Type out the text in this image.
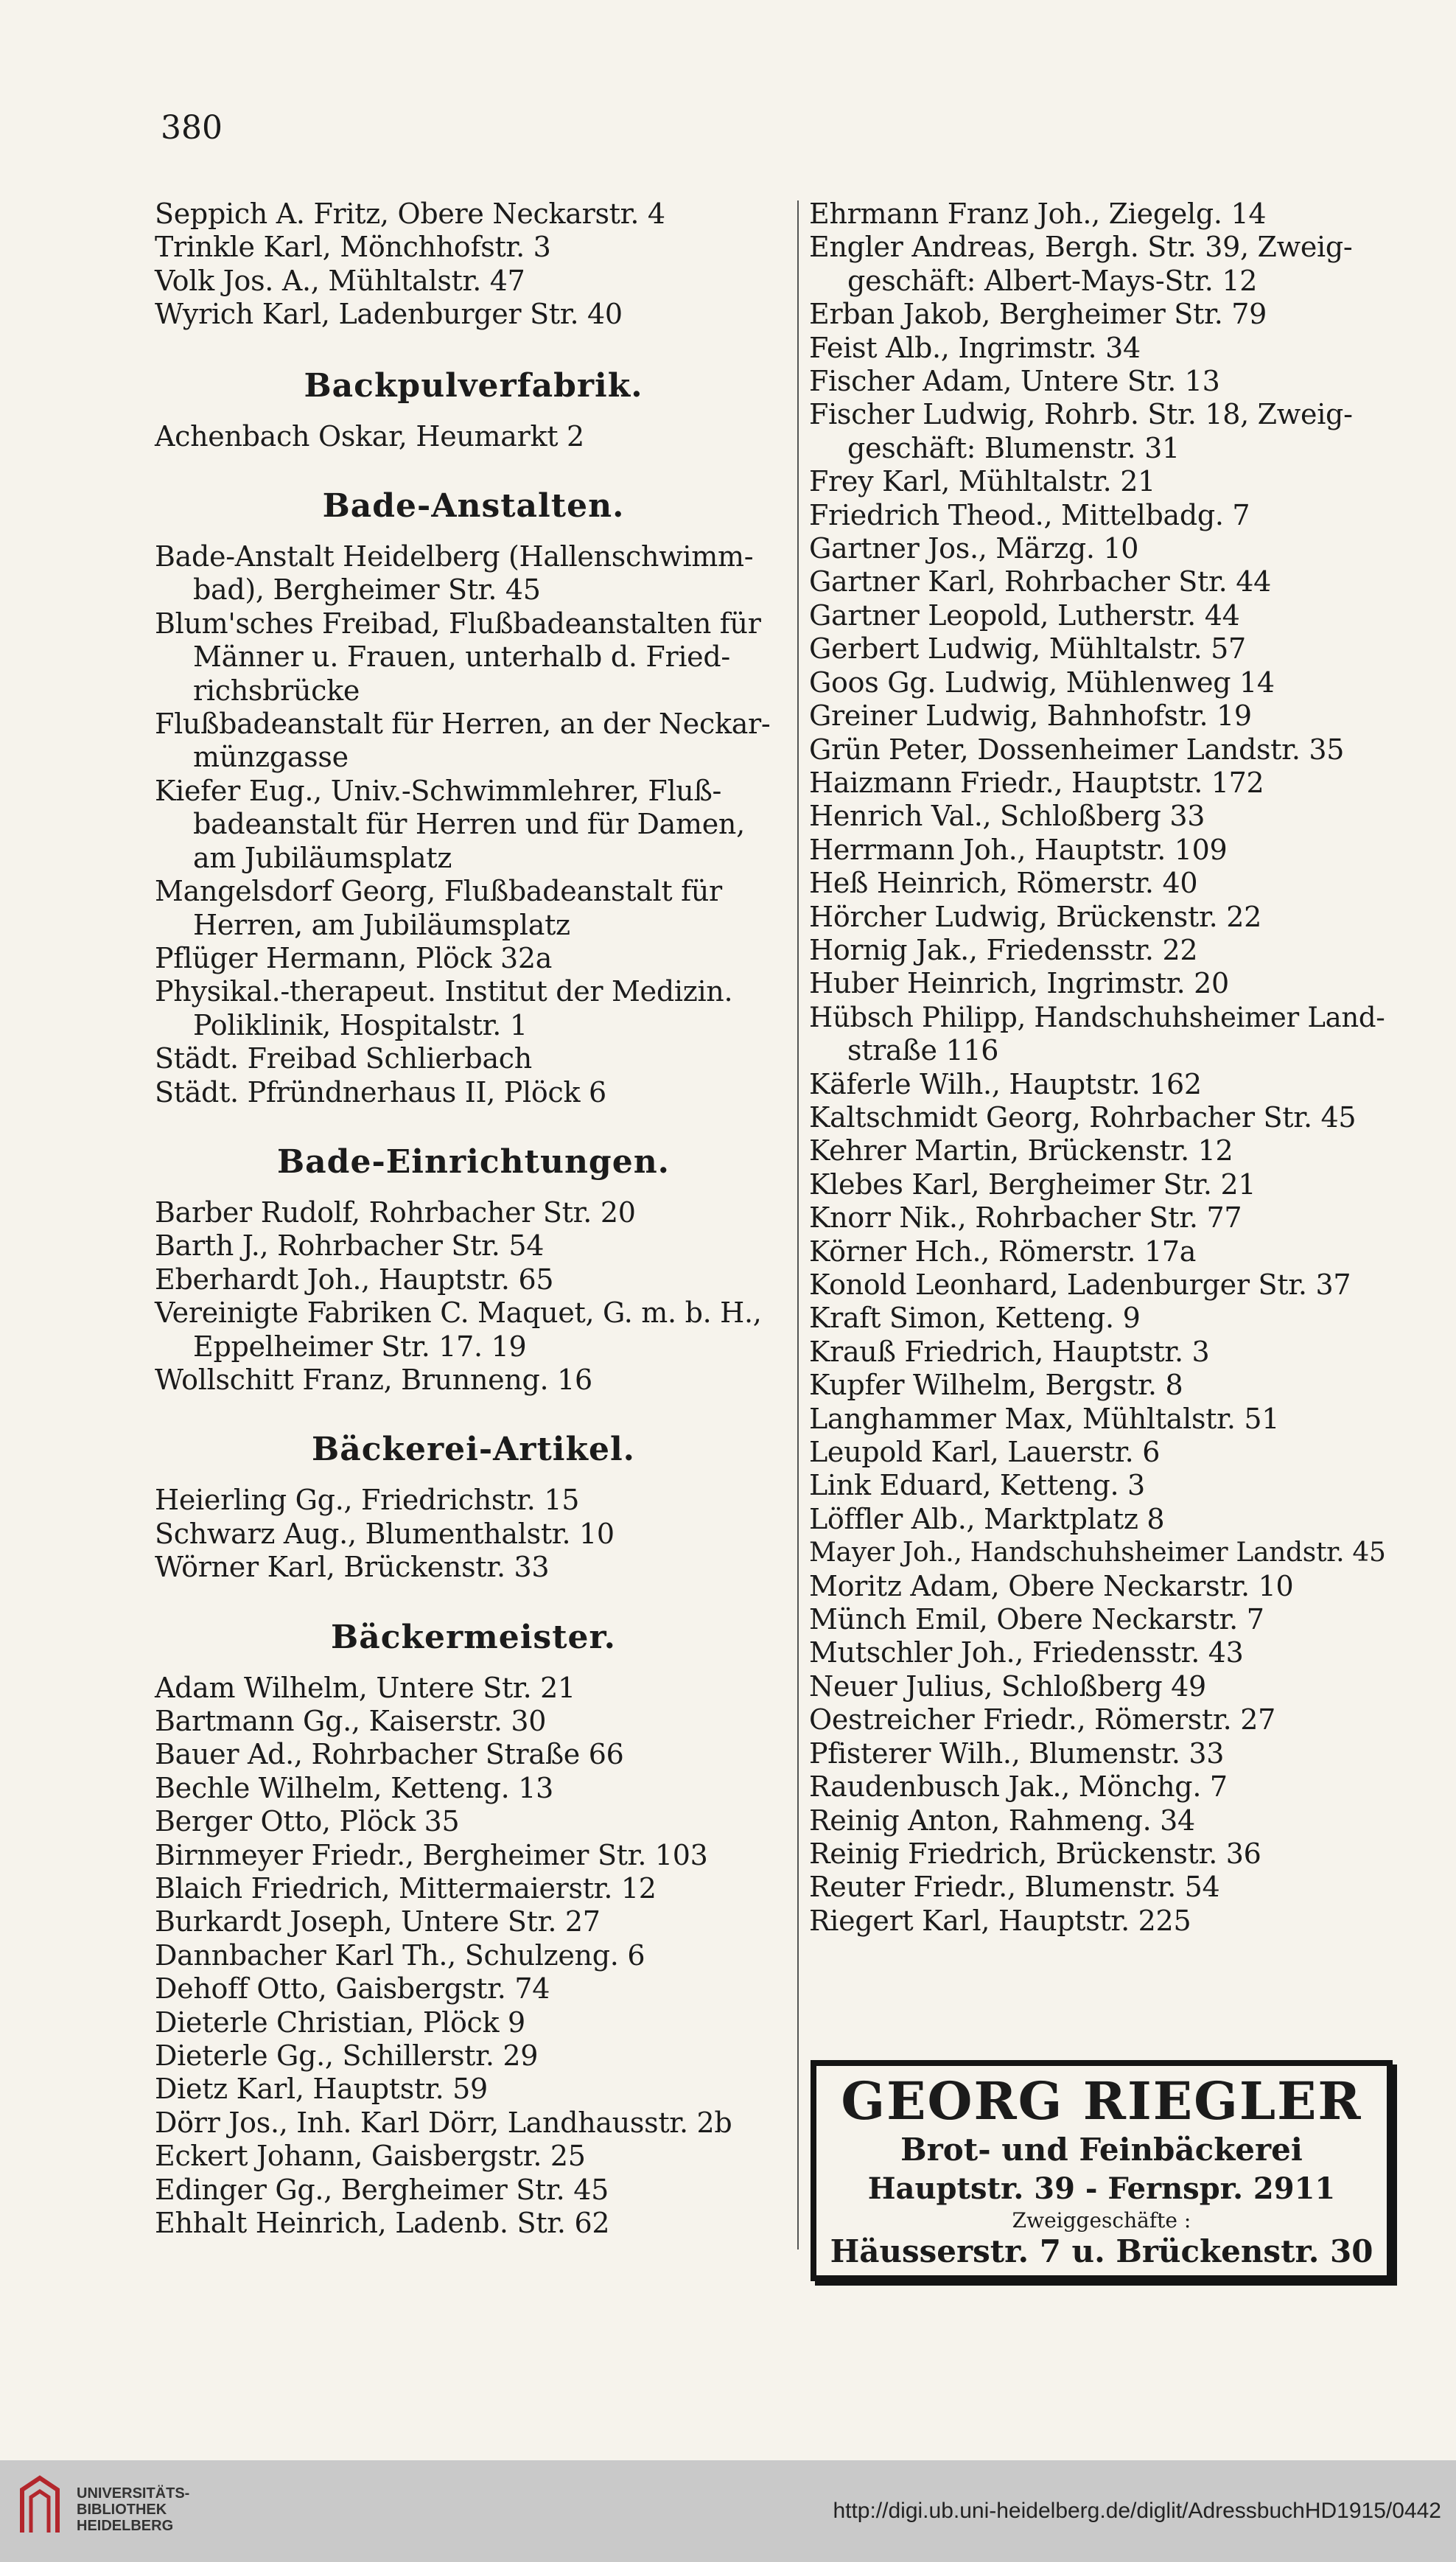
380
Seppich A. Fritz, Obere Neckarstr. 4
Trinkle Karl, Mönchhofstr. 3
Volk Jos. A., Mühltalstr. 47
Wyrich Karl, Ladenburger Str. 40
Backpulverfabrik.
Achenbach Oskar, Heumarkt 2
Bade-Anstalten.
Bade-Anstalt Heidelberg (Hallenschwimm-
bad), Bergheimer Str. 45
Blum'sches Freibad, Flußbadeanstalten für
Männer u. Frauen, unterhalb d. Fried-
richsbrücke
Flußbadeanstalt für Herren, an der Neckar-
münzgasse
Kiefer Eug., Univ.-Schwimmlehrer, Fluß-
badeanstalt für Herren und für Damen,
am Jubiläumsplatz
Mangelsdorf Georg, Flußbadeanstalt für
Herren, am Jubiläumsplatz
Pflüger Hermann, Plöck 32a
Physikal.-therapeut. Institut der Medizin.
Poliklinik, Hospitalstr. 1
Städt. Freibad Schlierbach
Städt. Pfründnerhaus II, Plöck 6
Bade-Einrichtungen.
Barber Rudolf, Rohrbacher Str. 20
Barth J., Rohrbacher Str. 54
Eberhardt Joh., Hauptstr. 65
Vereinigte Fabriken C. Maquet, G. m. b. H.,
Eppelheimer Str. 17. 19
Wollschitt Franz, Brunneng. 16
Bäckerei-Artikel.
Heierling Gg., Friedrichstr. 15
Schwarz Aug., Blumenthalstr. 10
Wörner Karl, Brückenstr. 33
Bäckermeister.
Adam Wilhelm, Untere Str. 21
Bartmann Gg., Kaiserstr. 30
Bauer Ad., Rohrbacher Straße 66
Bechle Wilhelm, Ketteng. 13
Berger Otto, Plöck 35
Birnmeyer Friedr., Bergheimer Str. 103
Blaich Friedrich, Mittermaierstr. 12
Burkardt Joseph, Untere Str. 27
Dannbacher Karl Th., Schulzeng. 6
Dehoff Otto, Gaisbergstr. 74
Dieterle Christian, Plöck 9
Dieterle Gg., Schillerstr. 29
Dietz Karl, Hauptstr. 59
Dörr Jos., Inh. Karl Dörr, Landhausstr. 2b
Eckert Johann, Gaisbergstr. 25
Edinger Gg., Bergheimer Str. 45
Ehhalt Heinrich, Ladenb. Str. 62
Ehrmann Franz Joh., Ziegelg. 14
Engler Andreas, Bergh. Str. 39, Zweig-
geschäft: Albert-Mays-Str. 12
Erban Jakob, Bergheimer Str. 79
Feist Alb., Ingrimstr. 34
Fischer Adam, Untere Str. 13
Fischer Ludwig, Rohrb. Str. 18, Zweig-
geschäft: Blumenstr. 31
Frey Karl, Mühltalstr. 21
Friedrich Theod., Mittelbadg. 7
Gartner Jos., Märzg. 10
Gartner Karl, Rohrbacher Str. 44
Gartner Leopold, Lutherstr. 44
Gerbert Ludwig, Mühltalstr. 57
Goos Gg. Ludwig, Mühlenweg 14
Greiner Ludwig, Bahnhofstr. 19
Grün Peter, Dossenheimer Landstr. 35
Haizmann Friedr., Hauptstr. 172
Henrich Val., Schloßberg 33
Herrmann Joh., Hauptstr. 109
Heß Heinrich, Römerstr. 40
Hörcher Ludwig, Brückenstr. 22
Hornig Jak., Friedensstr. 22
Huber Heinrich, Ingrimstr. 20
Hübsch Philipp, Handschuhsheimer Land-
straße 116
Käferle Wilh., Hauptstr. 162
Kaltschmidt Georg, Rohrbacher Str. 45
Kehrer Martin, Brückenstr. 12
Klebes Karl, Bergheimer Str. 21
Knorr Nik., Rohrbacher Str. 77
Körner Hch., Römerstr. 17a
Konold Leonhard, Ladenburger Str. 37
Kraft Simon, Ketteng. 9
Krauß Friedrich, Hauptstr. 3
Kupfer Wilhelm, Bergstr. 8
Langhammer Max, Mühltalstr. 51
Leupold Karl, Lauerstr. 6
Link Eduard, Ketteng. 3
Löffler Alb., Marktplatz 8
Mayer Joh., Handschuhsheimer Landstr. 45
Moritz Adam, Obere Neckarstr. 10
Münch Emil, Obere Neckarstr. 7
Mutschler Joh., Friedensstr. 43
Neuer Julius, Schloßberg 49
Oestreicher Friedr., Römerstr. 27
Pfisterer Wilh., Blumenstr. 33
Raudenbusch Jak., Mönchg. 7
Reinig Anton, Rahmeng. 34
Reinig Friedrich, Brückenstr. 36
Reuter Friedr., Blumenstr. 54
Riegert Karl, Hauptstr. 225
GEORG RIEGLER
Brot- und Feinbäckerei
Hauptstr. 39 - Fernspr. 2911
Zweiggeschäfte :
Häusserstr. 7 u. Brückenstr. 30
UNIVERSITÄTS-
BIBLIOTHEK
HEIDELBERG
http://digi.ub.uni-heidelberg.de/diglit/AdressbuchHD1915/0442
